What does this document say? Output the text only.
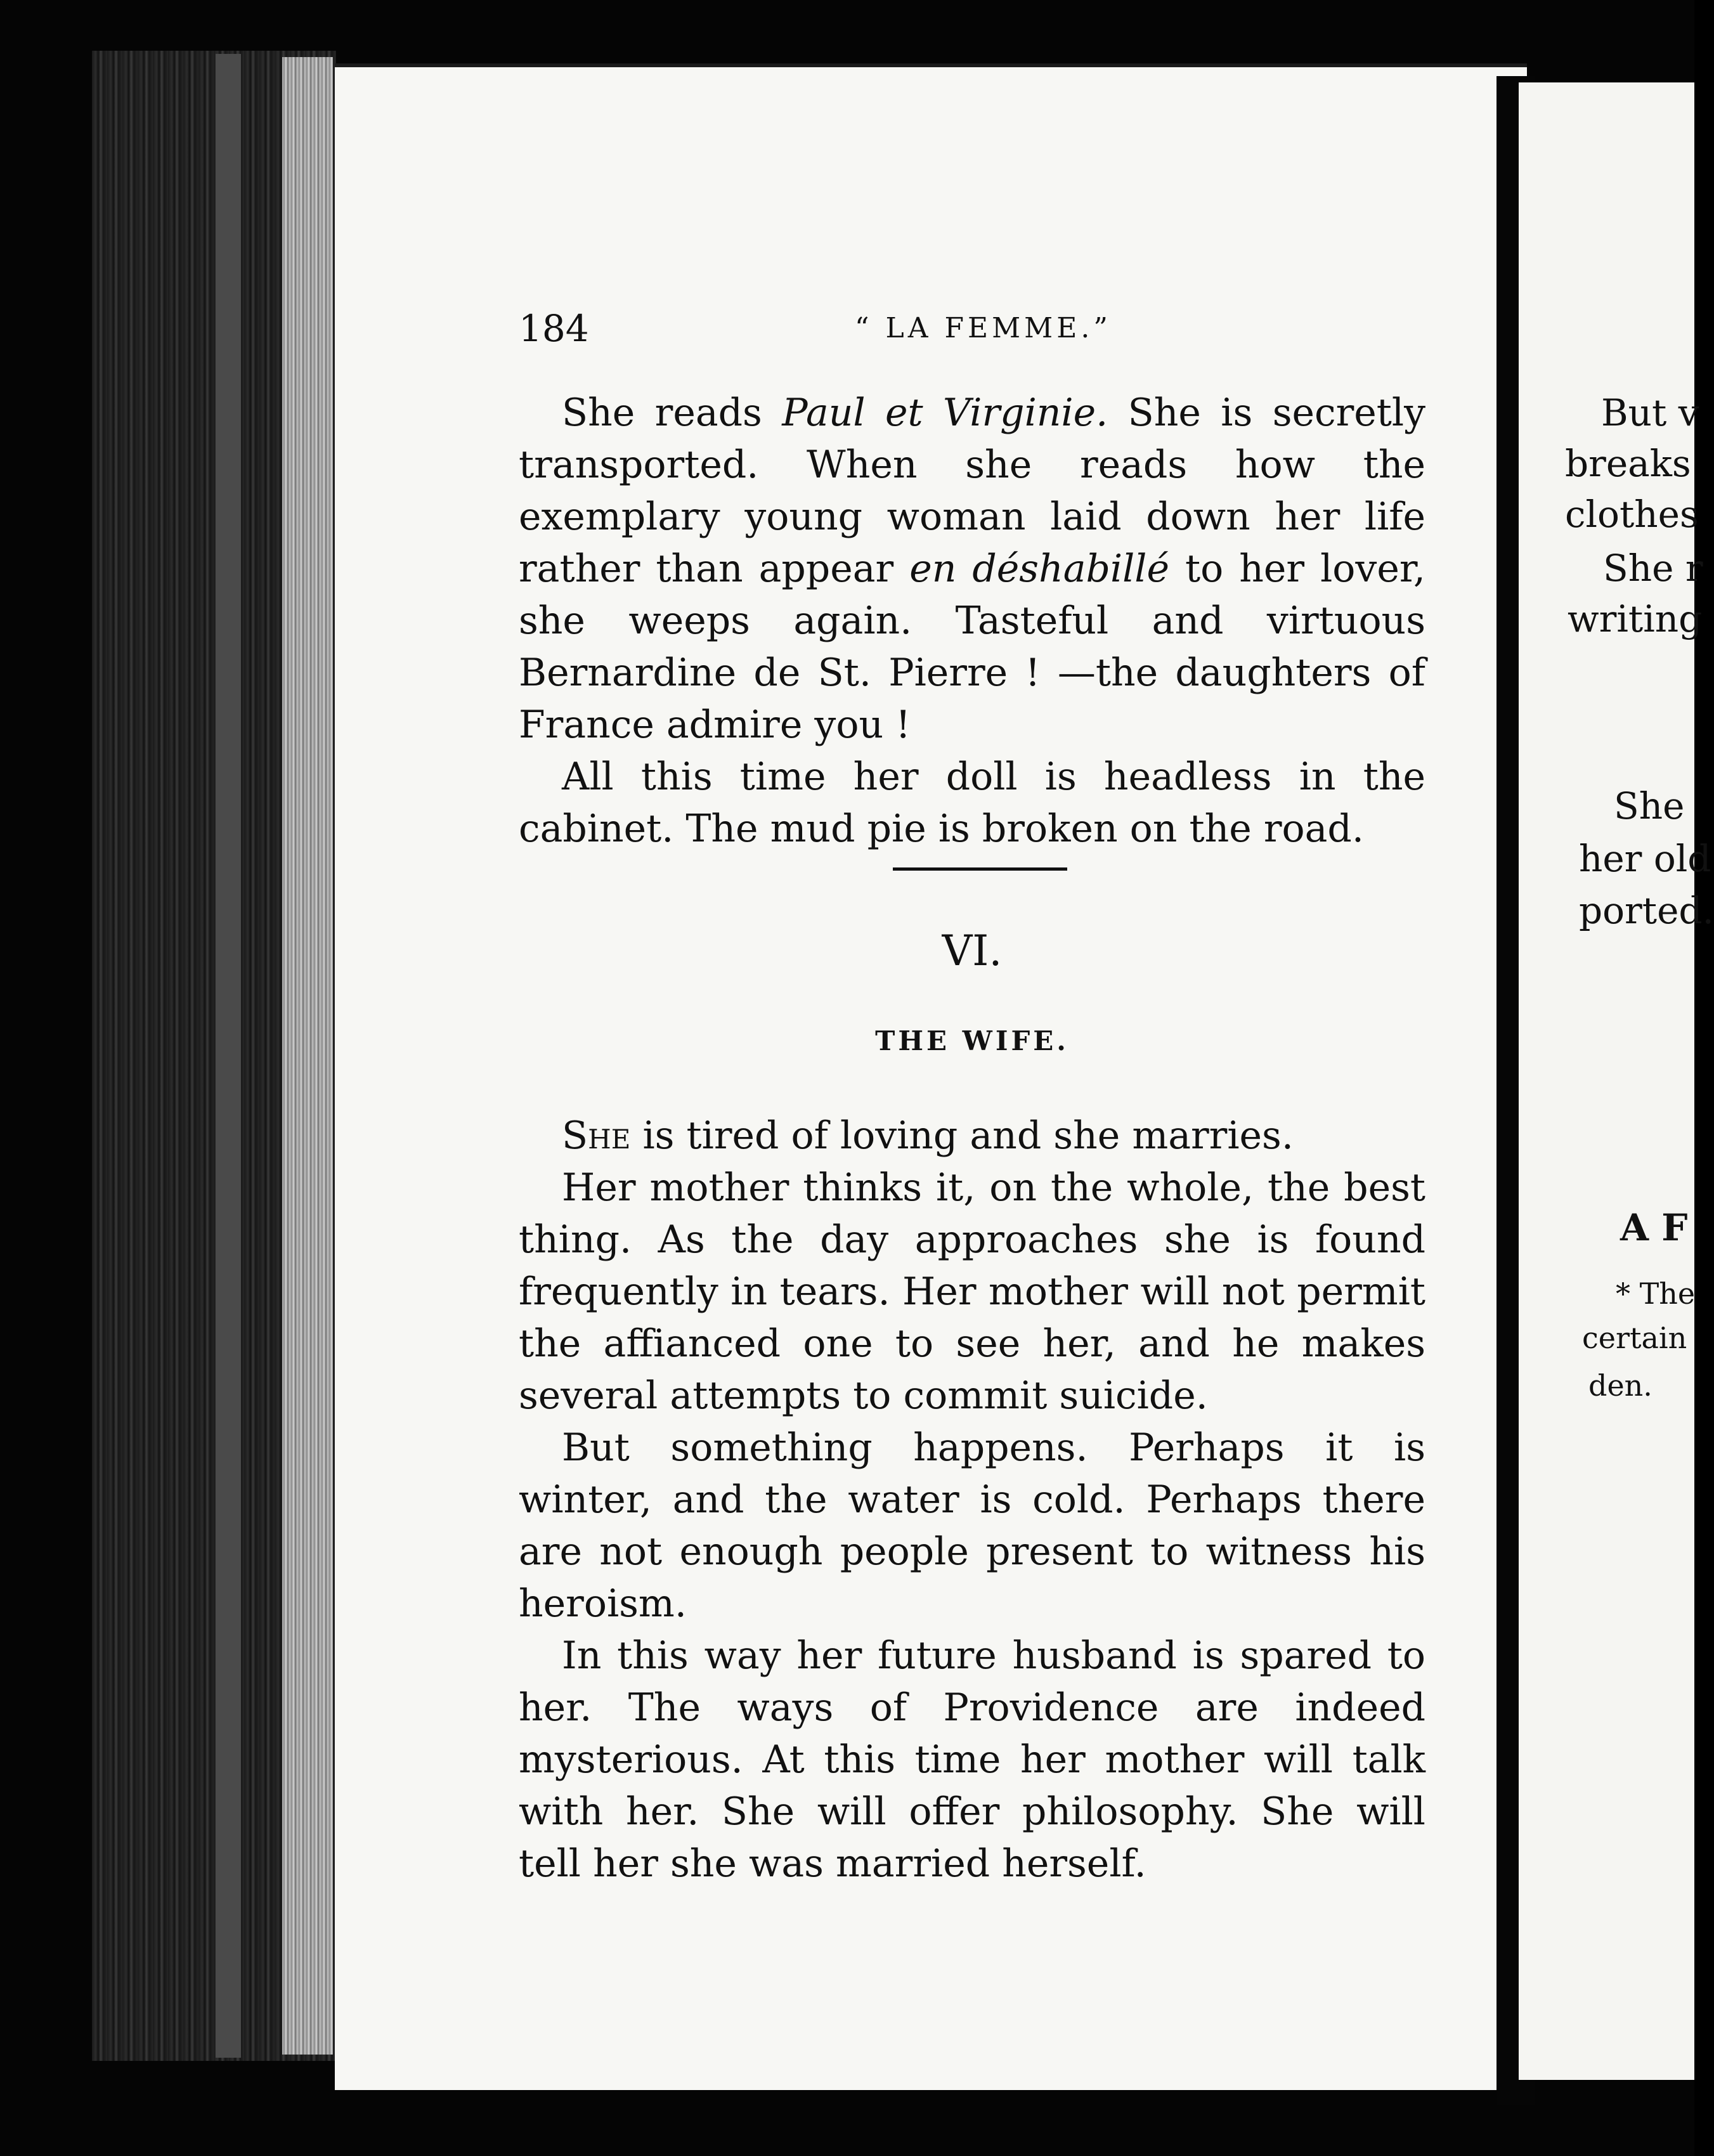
184	“ LA FEMME.”

She reads Paul et Virginie. She is secretly transported. When she reads how the exemplary young woman laid down her life rather than appear en déshabillé to her lover, she weeps again. Tasteful and virtuous Bernardine de St. Pierre ! —the daughters of France admire you !

All this time her doll is headless in the cabinet. The mud pie is broken on the road.

VI.
THE WIFE.

She is tired of loving and she marries.

Her mother thinks it, on the whole, the best thing. As the day approaches she is found frequently in tears. Her mother will not permit the affianced one to see her, and he makes several attempts to commit suicide.

But something happens. Perhaps it is winter, and the water is cold. Perhaps there are not enough people present to witness his heroism.

In this way her future husband is spared to her. The ways of Providence are indeed mysterious. At this time her mother will talk with her. She will offer philosophy. She will tell her she was married herself.

But v
breaks
clothes
She r
writing
She
her old
ported.
A F
* The
certain
den.
